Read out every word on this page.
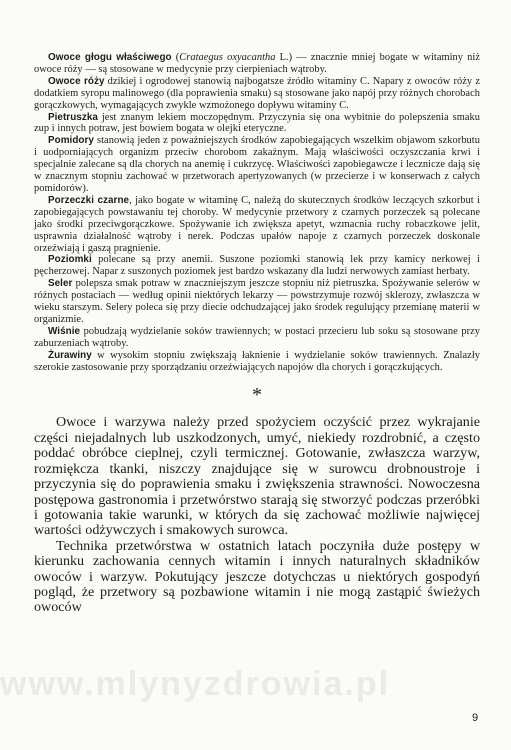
Owoce głogu właściwego (Crataegus oxyacantha L.) — znacznie mniej bogate w witaminy niż owoce róży — są stosowane w medycynie przy cierpieniach wątroby.

Owoce róży dzikiej i ogrodowej stanowią najbogatsze źródło witaminy C. Napary z owoców róży z dodatkiem syropu malinowego (dla poprawienia smaku) są stosowane jako napój przy różnych chorobach gorączkowych, wymagających zwykle wzmożonego dopływu witaminy C.

Pietruszka jest znanym lekiem moczopędnym. Przyczynia się ona wybitnie do polepszenia smaku zup i innych potraw, jest bowiem bogata w olejki eteryczne.

Pomidory stanowią jeden z poważniejszych środków zapobiegających wszelkim objawom szkorbutu i uodporniających organizm przeciw chorobom zakaźnym. Mają właściwości oczyszczania krwi i specjalnie zalecane są dla chorych na anemię i cukrzycę. Właściwości zapobiegawcze i lecznicze dają się w znacznym stopniu zachować w przetworach apertyzowanych (w przecierze i w konserwach z całych pomidorów).

Porzeczki czarne, jako bogate w witaminę C, należą do skutecznych środków leczących szkorbut i zapobiegających powstawaniu tej choroby. W medycynie przetwory z czarnych porzeczek są polecane jako środki przeciwgorączkowe. Spożywanie ich zwiększa apetyt, wzmacnia ruchy robaczkowe jelit, usprawnia działalność wątroby i nerek. Podczas upałów napoje z czarnych porzeczek doskonale orzeźwiają i gaszą pragnienie.

Poziomki polecane są przy anemii. Suszone poziomki stanowią lek przy kamicy nerkowej i pęcherzowej. Napar z suszonych poziomek jest bardzo wskazany dla ludzi nerwowych zamiast herbaty.

Seler polepsza smak potraw w znaczniejszym jeszcze stopniu niż pietruszka. Spożywanie selerów w różnych postaciach — według opinii niektórych lekarzy — powstrzymuje rozwój sklerozy, zwłaszcza w wieku starszym. Selery poleca się przy diecie odchudzającej jako środek regulujący przemianę materii w organizmie.

Wiśnie pobudzają wydzielanie soków trawiennych; w postaci przecieru lub soku są stosowane przy zaburzeniach wątroby.

Żurawiny w wysokim stopniu zwiększają łaknienie i wydzielanie soków trawiennych. Znalazły szerokie zastosowanie przy sporządzaniu orzeźwiających napojów dla chorych i gorączkujących.

*

Owoce i warzywa należy przed spożyciem oczyścić przez wykrajanie części niejadalnych lub uszkodzonych, umyć, niekiedy rozdrobnić, a często poddać obróbce cieplnej, czyli termicznej. Gotowanie, zwłaszcza warzyw, rozmiękcza tkanki, niszczy znajdujące się w surowcu drobnoustroje i przyczynia się do poprawienia smaku i zwiększenia strawności. Nowoczesna postępowa gastronomia i przetwórstwo starają się stworzyć podczas przeróbki i gotowania takie warunki, w których da się zachować możliwie najwięcej wartości odżywczych i smakowych surowca.

Technika przetwórstwa w ostatnich latach poczyniła duże postępy w kierunku zachowania cennych witamin i innych naturalnych składników owoców i warzyw. Pokutujący jeszcze dotychczas u niektórych gospodyń pogląd, że przetwory są pozbawione witamin i nie mogą zastąpić świeżych owoców

www.mlynyzdrowia.pl
9
